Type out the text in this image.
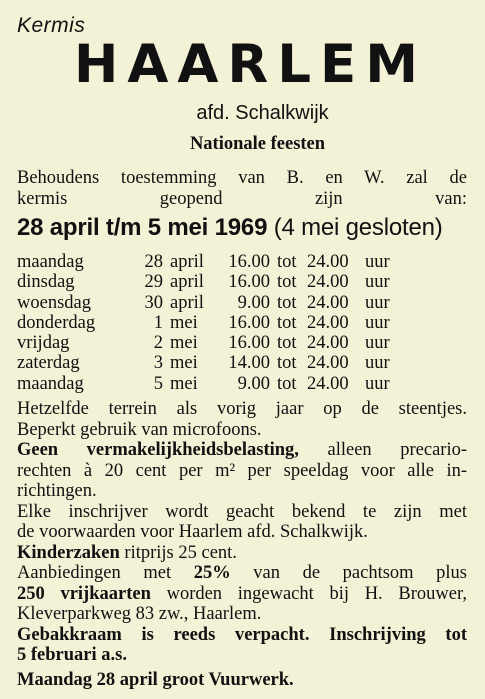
Kermis
HAARLEM
afd. Schalkwijk
Nationale feesten
Behoudens toestemming van B. en W. zal de
kermis geopend zijn van:
28 april t/m 5 mei 1969 (4 mei gesloten)
maandag	28 april	16.00 tot 24.00 uur
dinsdag	29 april	16.00 tot 24.00 uur
woensdag	30 april	9.00 tot 24.00 uur
donderdag	1 mei	16.00 tot 24.00 uur
vrijdag	2 mei	16.00 tot 24.00 uur
zaterdag	3 mei	14.00 tot 24.00 uur
maandag	5 mei	9.00 tot 24.00 uur
Hetzelfde terrein als vorig jaar op de steentjes.
Beperkt gebruik van microfoons.
Geen vermakelijkheidsbelasting, alleen precario-
rechten à 20 cent per m² per speeldag voor alle in-
richtingen.
Elke inschrijver wordt geacht bekend te zijn met
de voorwaarden voor Haarlem afd. Schalkwijk.
Kinderzaken ritprijs 25 cent.
Aanbiedingen met 25% van de pachtsom plus
250 vrijkaarten worden ingewacht bij H. Brouwer,
Kleverparkweg 83 zw., Haarlem.
Gebakkraam is reeds verpacht. Inschrijving tot
5 februari a.s.
Maandag 28 april groot Vuurwerk.
